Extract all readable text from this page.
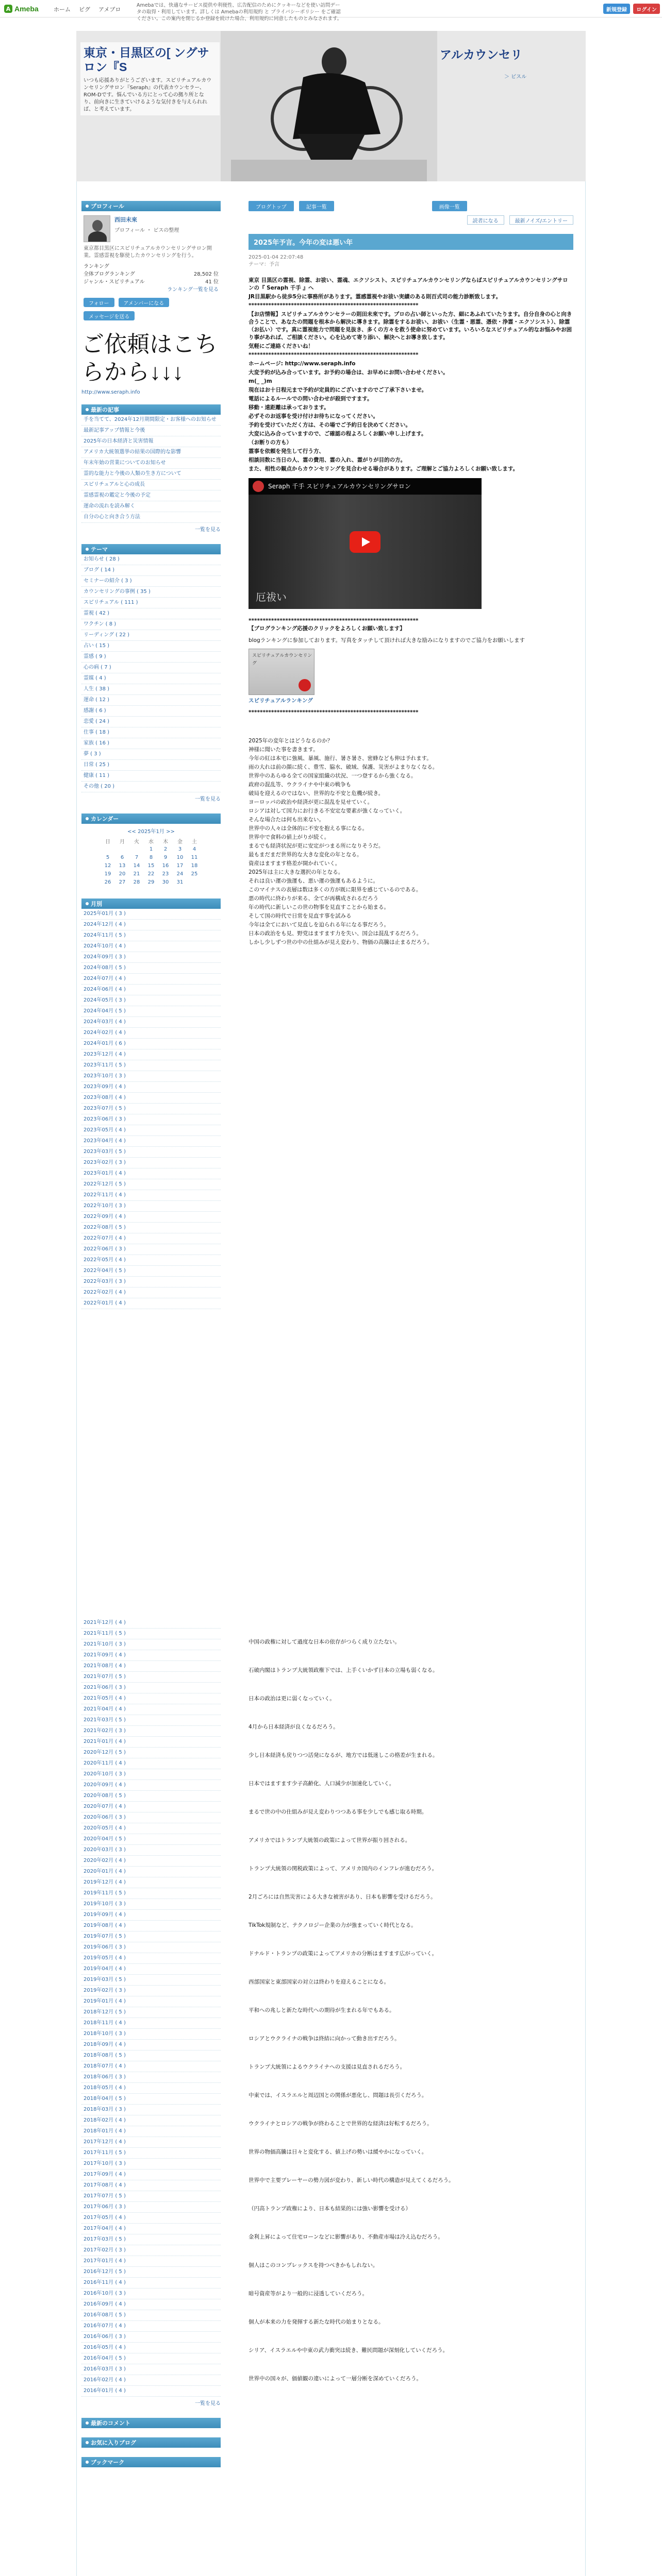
A Ameba	ホーム ピグ アメブロ
Amebaでは、快適なサービス提供や利便性、広告配信のためにクッキーなどを使い訪問データの取得・利用しています。詳しくは Amebaの利用規約 と プライバシーポリシー をご確認ください。この案内を閉じるか登録を続けた場合、利用規約に同意したものとみなされます。
新規登録	ログイン
東京・目黒区の[ ングサロン『S
いつも応援ありがとうございます。スピリチュアルカウンセリングサロン『Seraph』の代表カウンセラー、ROM-Dです。悩んでいる方にとって心の拠り所となり、前向きに生きていけるような気付きを与えられれば、と考えています。
アルカウンセリ
＞ ビスル
プロフィール
西田未來
プロフィール ・ ビスの整理
東京都目黒区にスピリチュアルカウンセリングサロン開業。霊感霊視を駆使したカウンセリングを行う。
ランキング
全体ブログランキング	28,502 位
ジャンル・スピリチュアル	41 位
ランキング一覧を見る
フォロー	アメンバーになる
メッセージを送る
ご依頼はこちらから↓↓↓
http://www.seraph.info
最新の記事
手を当てて、2024年12月期間限定・お客様へのお知らせ
最新記事アップ情報と今後
2025年の日本経済と災害情報
アメリカ大統領選挙の結果の国際的な影響
年末年始の営業についてのお知らせ
霊的な能力と今後の人類の生き方について
スピリチュアルと心の成長
霊感霊視の鑑定と今後の予定
運命の流れを読み解く
自分の心と向き合う方法
一覧を見る
テーマ
お知らせ ( 28 )
ブログ ( 14 )
セミナーの紹介 ( 3 )
カウンセリングの事例 ( 35 )
スピリチュアル ( 111 )
霊視 ( 42 )
ワクチン ( 8 )
リーディング ( 22 )
占い ( 15 )
霊感 ( 9 )
心の病 ( 7 )
霊媒 ( 4 )
人生 ( 38 )
運命 ( 12 )
感謝 ( 6 )
恋愛 ( 24 )
仕事 ( 18 )
家族 ( 16 )
夢 ( 3 )
日常 ( 25 )
健康 ( 11 )
その他 ( 20 )
一覧を見る
カレンダー
<< 2025年1月 >>
日	月	火	水	木	金	土
			1	2	3	4
5	6	7	8	9	10	11
12	13	14	15	16	17	18
19	20	21	22	23	24	25
26	27	28	29	30	31	
月別
2025年01月 ( 3 )
2024年12月 ( 4 )
2024年11月 ( 5 )
2024年10月 ( 4 )
2024年09月 ( 3 )
2024年08月 ( 5 )
2024年07月 ( 4 )
2024年06月 ( 4 )
2024年05月 ( 3 )
2024年04月 ( 5 )
2024年03月 ( 4 )
2024年02月 ( 4 )
2024年01月 ( 6 )
2023年12月 ( 4 )
2023年11月 ( 5 )
2023年10月 ( 3 )
2023年09月 ( 4 )
2023年08月 ( 4 )
2023年07月 ( 5 )
2023年06月 ( 3 )
2023年05月 ( 4 )
2023年04月 ( 4 )
2023年03月 ( 5 )
2023年02月 ( 3 )
2023年01月 ( 4 )
2022年12月 ( 5 )
2022年11月 ( 4 )
2022年10月 ( 3 )
2022年09月 ( 4 )
2022年08月 ( 5 )
2022年07月 ( 4 )
2022年06月 ( 3 )
2022年05月 ( 4 )
2022年04月 ( 5 )
2022年03月 ( 3 )
2022年02月 ( 4 )
2022年01月 ( 4 )
ブログトップ	記事一覧	画像一覧
読者になる	最新ノイズ/エントリー
2025年予言。今年の変は悪い年
2025-01-04 22:07:48
テーマ：予言

東京 目黒区の霊視、除霊、お祓い、霊魂、エクソシスト、スピリチュアルカウンセリングならばスピリチュアルカウンセリングサロンの『 Seraph 千手 』へ

JR目黒駅から徒歩5分に事務所があります。霊感霊視やお祓い実績のある則百式司の能力診断致します。

************************************************************

【お店情報】スピリチュアルカウンセラーの則田未來です。プロの占い師といった方、細にあふれていたります。自分自身の心と向き合うことで、あなたの問題を根本から解決に導きます。除霊をするお祓い、お祓い（生霊・悪霊、憑依・浄霊・エクソシスト）、除霊（お払い）です。真に霊視能力で問題を見抜き、多くの方々を救う使命に努めています。いろいろなスピリチュアル的なお悩みやお困り事があれば、ご相談ください。心を込めて寄り添い、解決へとお導き致します。

気軽にご連絡くださいね！

************************************************************

ホームページ: http://www.seraph.info

大変予約が込み合っています。お予約の場合は、お早めにお問い合わせください。

m(_ _)m

現在はお十日程元まで予約が定員的にございますのでご了承下さいませ。

電話によるルールでの問い合わせが殺到ですます。

移動・遠距離は承っております。

必ずそのお返事を受け付けお待ちになってください。

予約を受けていただく方は、その場でご予約日を決めてください。

大変に込み合っていますので、ご確認の程よろしくお願い申し上げます。

（お断りの方も）

霊事を依頼を発生して行う方、

相談回数に当日の人、霊の費用、霊の入れ、霊がりが目的の方。

また、相性の観点からカウンセリングを見合わせる場合があります。ご理解とご協力よろしくお願い致します。

Seraph 千手 スピリチュアルカウンセリングサロン
厄祓い
************************************************************
【ブログランキング応援のクリックをよろしくお願い致します】
blogランキングに参加しております。写真をタッチして頂ければ大きな励みになりますのでご協力をお願いします
スピリチュアルカウンセリング
スピリチュアルランキング
************************************************************

2025年の変年とはどうなるのか？

神様に聞いた事を書きます。

今年の紅は本宅に強風、暴風、施行、暑さ暑さ、密蜂なども伸は予れます。

雨の大れは前の顔に続く、豊雪、脇水、破域、保護、災害がよまりなくなる。

世界中のあらゆる全ての国家組織の状況、一つ登するから強くなる。

政府の混乱等、ウクライナや中東の戦争も

破局を迎えるのではない、世界的な不安と危機が続き。

ヨーロッパの政治や経済が更に混乱を見せていく。

ロシアは対して国力にお行きる不安定な要素が強くなっていく。

そんな場合たは何も出来ない。

世界中の人々は全体的に不安を抱える事になる。

世界中で食料の値上がりが続く。

まるでも経済状況が更に安定がつまる所になりそうだ。

最もまだまだ世界的な大きな変化の年となる。

資産はますます格差が開かれていく。

2025年は主に大きな選択の年となる。

それは良い運の強運も、悪い運の強運もあるように。

このマイナスの表層は数は多くの方が既に限界を感じているのである。

悪の時代に終わりが来る、全てが再構成されるだろう

年の時代に新しいこの世の物事を見直すことから始まる。

そして国の時代で日常を見直す事を試みる

今年は全てにおいて見直しを迫られる年になる事だろう。

日本の政治をも見、野党はますます力を失い、国会は混乱するだろう。

しかし少しずつ世の中の仕組みが見え変わり、物価の高騰は止まるだろう。

2021年12月 ( 4 )
2021年11月 ( 5 )
2021年10月 ( 3 )
2021年09月 ( 4 )
2021年08月 ( 4 )
2021年07月 ( 5 )
2021年06月 ( 3 )
2021年05月 ( 4 )
2021年04月 ( 4 )
2021年03月 ( 5 )
2021年02月 ( 3 )
2021年01月 ( 4 )
2020年12月 ( 5 )
2020年11月 ( 4 )
2020年10月 ( 3 )
2020年09月 ( 4 )
2020年08月 ( 5 )
2020年07月 ( 4 )
2020年06月 ( 3 )
2020年05月 ( 4 )
2020年04月 ( 5 )
2020年03月 ( 3 )
2020年02月 ( 4 )
2020年01月 ( 4 )
2019年12月 ( 4 )
2019年11月 ( 5 )
2019年10月 ( 3 )
2019年09月 ( 4 )
2019年08月 ( 4 )
2019年07月 ( 5 )
2019年06月 ( 3 )
2019年05月 ( 4 )
2019年04月 ( 4 )
2019年03月 ( 5 )
2019年02月 ( 3 )
2019年01月 ( 4 )
2018年12月 ( 5 )
2018年11月 ( 4 )
2018年10月 ( 3 )
2018年09月 ( 4 )
2018年08月 ( 5 )
2018年07月 ( 4 )
2018年06月 ( 3 )
2018年05月 ( 4 )
2018年04月 ( 5 )
2018年03月 ( 3 )
2018年02月 ( 4 )
2018年01月 ( 4 )
2017年12月 ( 4 )
2017年11月 ( 5 )
2017年10月 ( 3 )
2017年09月 ( 4 )
2017年08月 ( 4 )
2017年07月 ( 5 )
2017年06月 ( 3 )
2017年05月 ( 4 )
2017年04月 ( 4 )
2017年03月 ( 5 )
2017年02月 ( 3 )
2017年01月 ( 4 )
2016年12月 ( 5 )
2016年11月 ( 4 )
2016年10月 ( 3 )
2016年09月 ( 4 )
2016年08月 ( 5 )
2016年07月 ( 4 )
2016年06月 ( 3 )
2016年05月 ( 4 )
2016年04月 ( 5 )
2016年03月 ( 3 )
2016年02月 ( 4 )
2016年01月 ( 4 )
一覧を見る
最新のコメント
お気に入りブログ
ブックマーク

中国の政権に対して過度な日本の依存がつらく成り立たない。

石破内閣はトランプ大統領政権下では、上手くいかず日本の立場も弱くなる。

日本の政治は更に弱くなっていく。

4月から日本経済が良くなるだろう。

少し日本経済も戻りつつ活発になるが、地方では低迷しこの格差が生まれる。

日本ではますます少子高齢化、人口減少が加速化していく。

まるで世の中の仕組みが見え変わりつつある事を少しでも感じ取る時期。

アメリカではトランプ大統領の政策によって世界が振り回される。

トランプ大統領の関税政策によって、アメリカ国内のインフレが進むだろう。

2月ごろには自然災害による大きな被害があり、日本も影響を受けるだろう。

TikTok規制など、テクノロジー企業の力が強まっていく時代となる。

ドナルド・トランプの政策によってアメリカの分断はますます広がっていく。

西部国家と東部国家の対立は終わりを迎えることになる。

平和への兆しと新たな時代への期待が生まれる年でもある。

ロシアとウクライナの戦争は終結に向かって動き出すだろう。

トランプ大統領によるウクライナへの支援は見直されるだろう。

中東では、イスラエルと周辺国との関係が悪化し、問題は長引くだろう。

ウクライナとロシアの戦争が終わることで世界的な経済は好転するだろう。

世界の物価高騰は日々と変化する、値上げの勢いは緩やかになっていく。

世界中で主要プレーヤーの勢力図が変わり、新しい時代の構造が見えてくるだろう。

（円高トランプ政権により、日本も結果的には強い影響を受ける）

金利上昇によって住宅ローンなどに影響があり、不動産市場は冷え込むだろう。

個人はこのコンプレックスを持つべきかもしれない。

暗号資産等がより一般的に浸透していくだろう。

個人が本来の力を発揮する新たな時代の始まりとなる。

シリア、イスラエルや中東の武力衝突は続き、難民問題が深刻化していくだろう。

世界中の国々が、価値観の違いによって一層分断を深めていくだろう。
